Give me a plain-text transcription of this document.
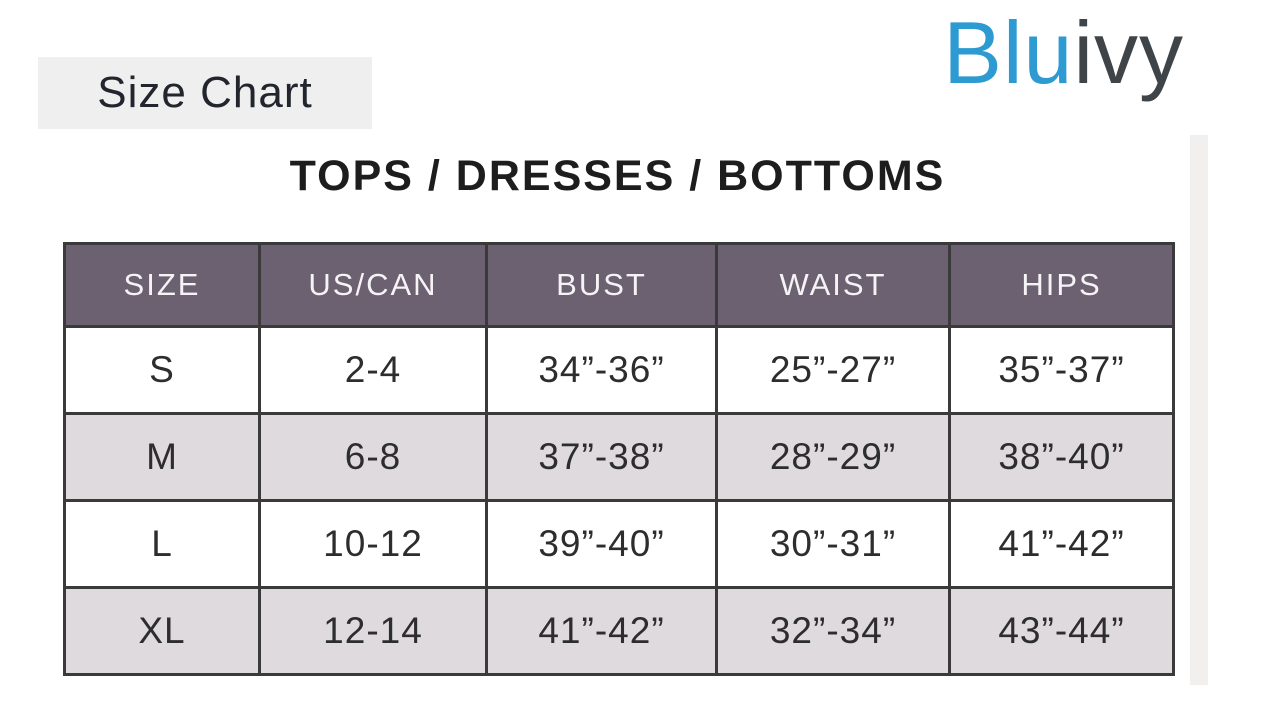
Size Chart	Bluivy
TOPS / DRESSES / BOTTOMS
SIZE	US/CAN	BUST	WAIST	HIPS
S	2-4	34”-36”	25”-27”	35”-37”
M	6-8	37”-38”	28”-29”	38”-40”
L	10-12	39”-40”	30”-31”	41”-42”
XL	12-14	41”-42”	32”-34”	43”-44”
